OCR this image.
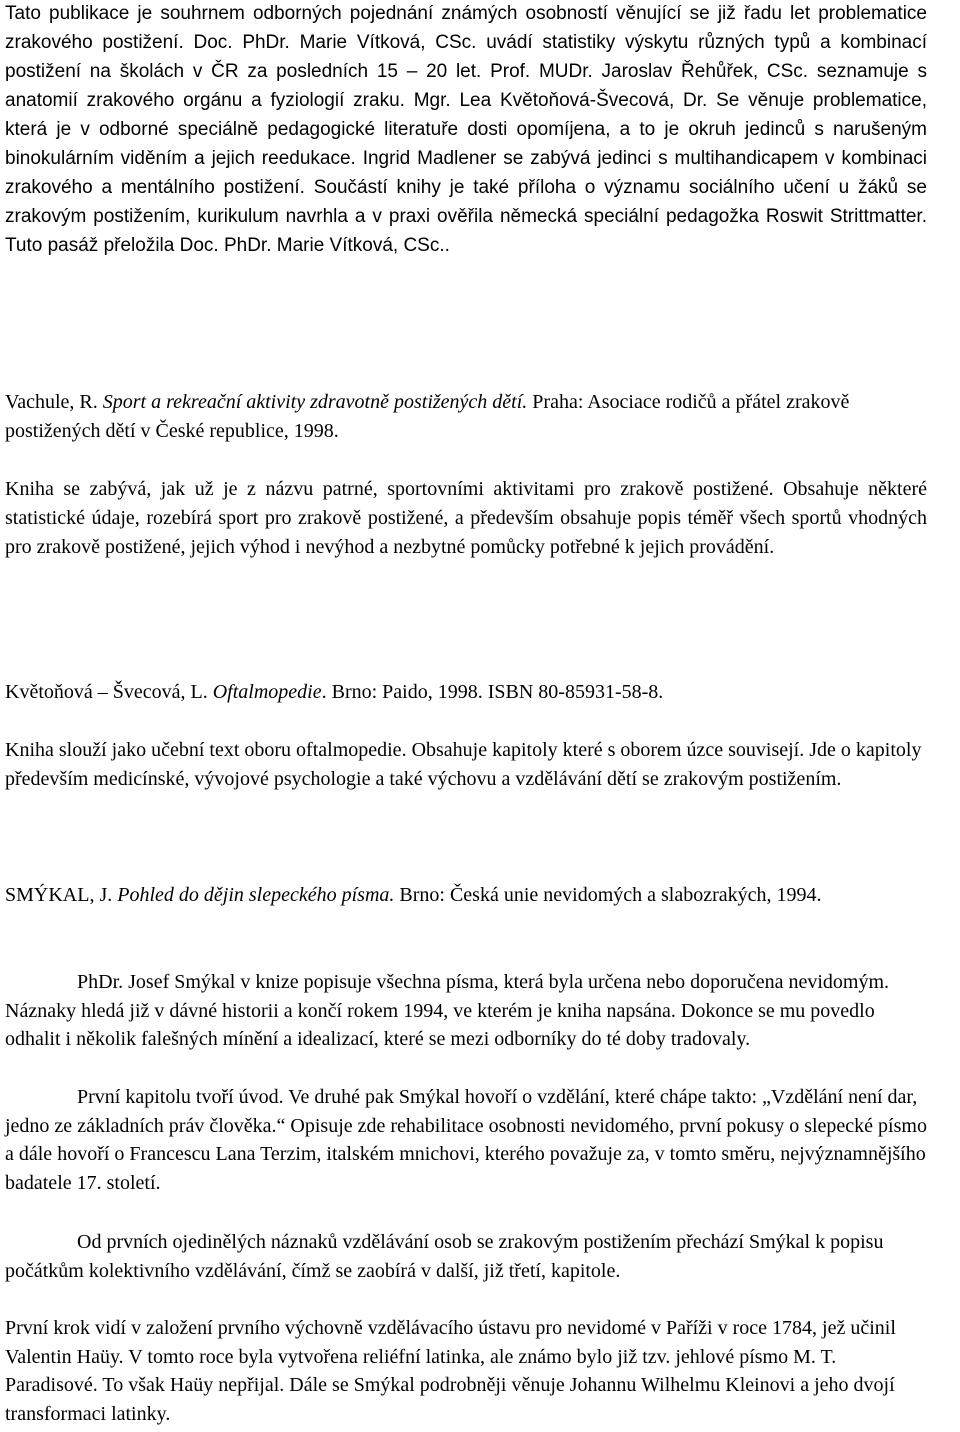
Tato publikace je souhrnem odborných pojednání známých osobností věnující se již řadu let problematice zrakového postižení. Doc. PhDr. Marie Vítková, CSc. uvádí statistiky výskytu různých typů a kombinací postižení na školách v ČR za posledních 15 – 20 let. Prof. MUDr. Jaroslav Řehůřek, CSc. seznamuje s anatomií zrakového orgánu a fyziologií zraku. Mgr. Lea Květoňová-Švecová, Dr. Se věnuje problematice, která je v odborné speciálně pedagogické literatuře dosti opomíjena, a to je okruh jedinců s narušeným binokulárním viděním a jejich reedukace. Ingrid Madlener se zabývá jedinci s multihandicapem v kombinaci zrakového a mentálního postižení. Součástí knihy je také příloha o významu sociálního učení u žáků se zrakovým postižením, kurikulum navrhla a v praxi ověřila německá speciální pedagožka Roswit Strittmatter. Tuto pasáž přeložila Doc. PhDr. Marie Vítková, CSc..

Vachule, R. Sport a rekreační aktivity zdravotně postižených dětí. Praha: Asociace rodičů a přátel zrakově postižených dětí v České republice, 1998.

Kniha se zabývá, jak už je z názvu patrné, sportovními aktivitami pro zrakově postižené. Obsahuje některé statistické údaje, rozebírá sport pro zrakově postižené, a především obsahuje popis téměř všech sportů vhodných pro zrakově postižené, jejich výhod i nevýhod a nezbytné pomůcky potřebné k jejich provádění.

Květoňová – Švecová, L. Oftalmopedie. Brno: Paido, 1998. ISBN 80-85931-58-8.

Kniha slouží jako učební text oboru oftalmopedie. Obsahuje kapitoly které s oborem úzce souvisejí. Jde o kapitoly především medicínské, vývojové psychologie a také výchovu a vzdělávání dětí se zrakovým postižením.

SMÝKAL, J. Pohled do dějin slepeckého písma. Brno: Česká unie nevidomých a slabozrakých, 1994.

PhDr. Josef Smýkal v knize popisuje všechna písma, která byla určena nebo doporučena nevidomým. Náznaky hledá již v dávné historii a končí rokem 1994, ve kterém je kniha napsána. Dokonce se mu povedlo odhalit i několik falešných mínění a idealizací, které se mezi odborníky do té doby tradovaly.

První kapitolu tvoří úvod. Ve druhé pak Smýkal hovoří o vzdělání, které chápe takto: „Vzdělání není dar, jedno ze základních práv člověka.“ Opisuje zde rehabilitace osobnosti nevidomého, první pokusy o slepecké písmo a dále hovoří o Francescu Lana Terzim, italském mnichovi, kterého považuje za, v tomto směru, nejvýznamnějšího badatele 17. století.

Od prvních ojedinělých náznaků vzdělávání osob se zrakovým postižením přechází Smýkal k popisu počátkům kolektivního vzdělávání, čímž se zaobírá v další, již třetí, kapitole.

První krok vidí v založení prvního výchovně vzdělávacího ústavu pro nevidomé v Paříži v roce 1784, jež učinil Valentin Haüy. V tomto roce byla vytvořena reliéfní latinka, ale známo bylo již tzv. jehlové písmo M. T. Paradisové. To však Haüy nepřijal. Dále se Smýkal podrobněji věnuje Johannu Wilhelmu Kleinovi a jeho dvojí transformaci latinky.
